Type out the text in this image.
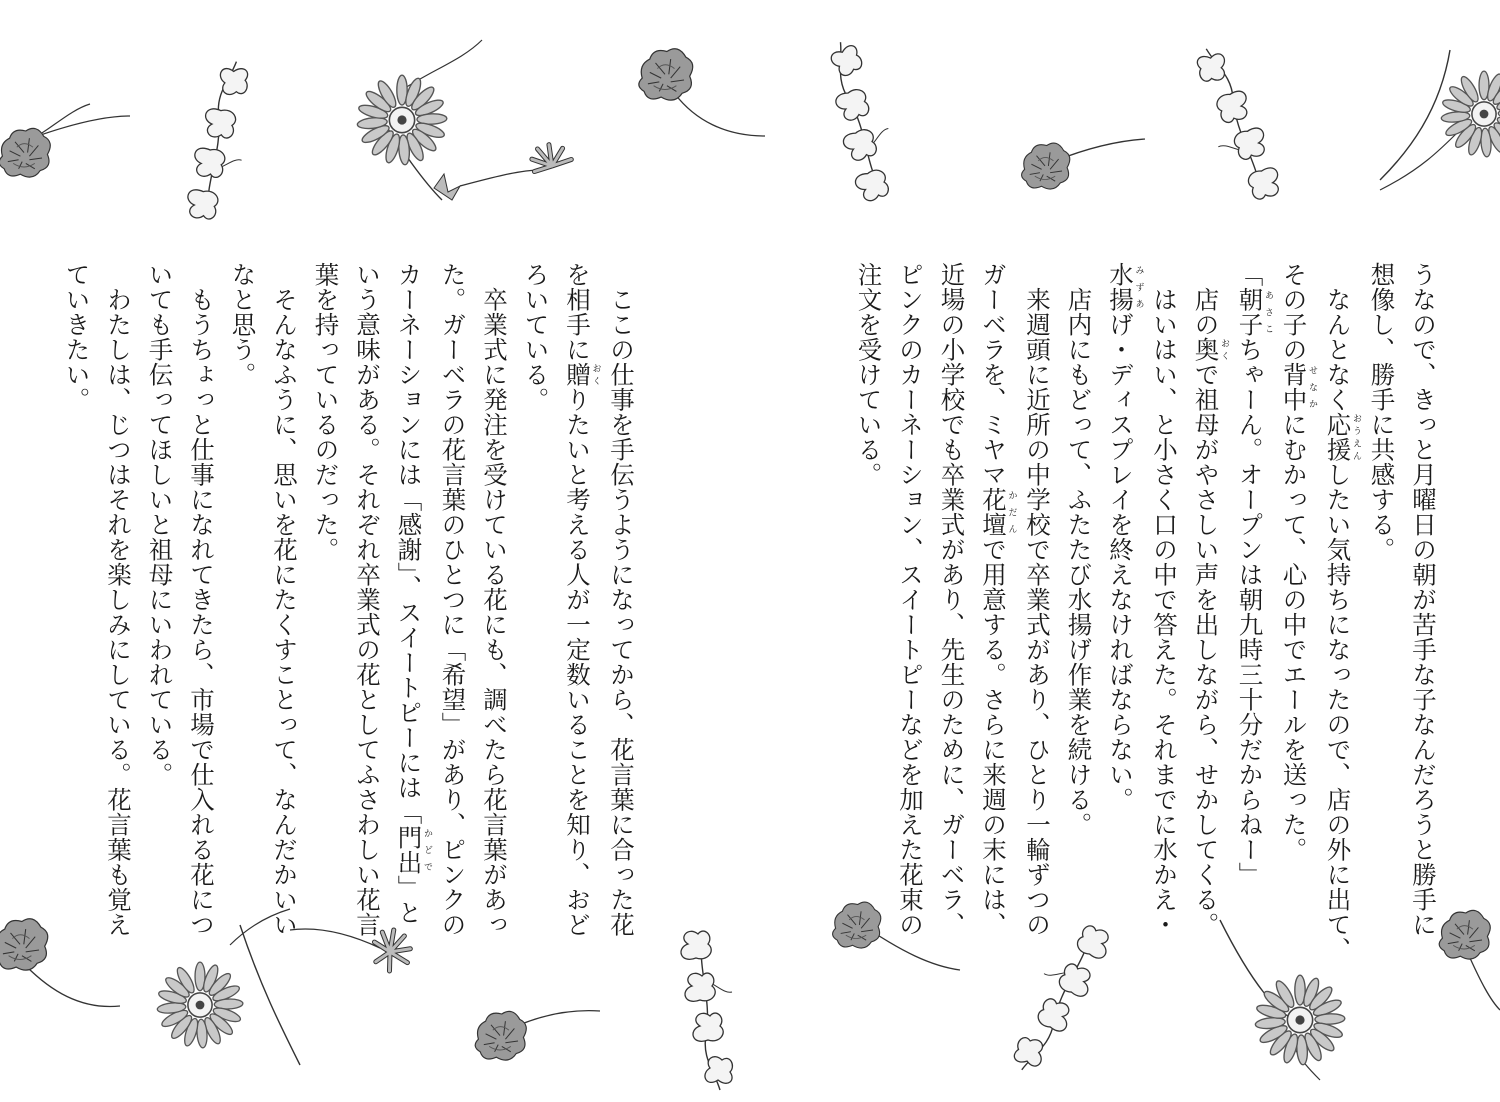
　ここの仕事を手伝うようになってから、花言葉に合った花
を相手に贈おくりたいと考える人が一定数いることを知り、おど
ろいている。
　卒業式に発注を受けている花にも、調べたら花言葉があっ
た。ガーベラの花言葉のひとつに「希望」があり、ピンクの
カーネーションには「感謝」、スイートピーには「門出かどで」と
いう意味がある。それぞれ卒業式の花としてふさわしい花言
葉を持っているのだった。
　そんなふうに、思いを花にたくすことって、なんだかいい
なと思う。
　もうちょっと仕事になれてきたら、市場で仕入れる花につ
いても手伝ってほしいと祖母にいわれている。
　わたしは、じつはそれを楽しみにしている。花言葉も覚え
ていきたい。	うなので、きっと月曜日の朝が苦手な子なんだろうと勝手に
想像し、勝手に共感する。
　なんとなく応援おうえんしたい気持ちになったので、店の外に出て、
その子の背中せなかにむかって、心の中でエールを送った。
「朝子あさこちゃーん。オープンは朝九時三十分だからねー」
　店の奥おくで祖母がやさしい声を出しながら、せかしてくる。
　はいはい、と小さく口の中で答えた。それまでに水かえ・
水揚みずあげ・ディスプレイを終えなければならない。
　店内にもどって、ふたたび水揚げ作業を続ける。
　来週頭に近所の中学校で卒業式があり、ひとり一輪ずつの
ガーベラを、ミヤマ花壇かだんで用意する。さらに来週の末には、
近場の小学校でも卒業式があり、先生のために、ガーベラ、
ピンクのカーネーション、スイートピーなどを加えた花束の
注文を受けている。
